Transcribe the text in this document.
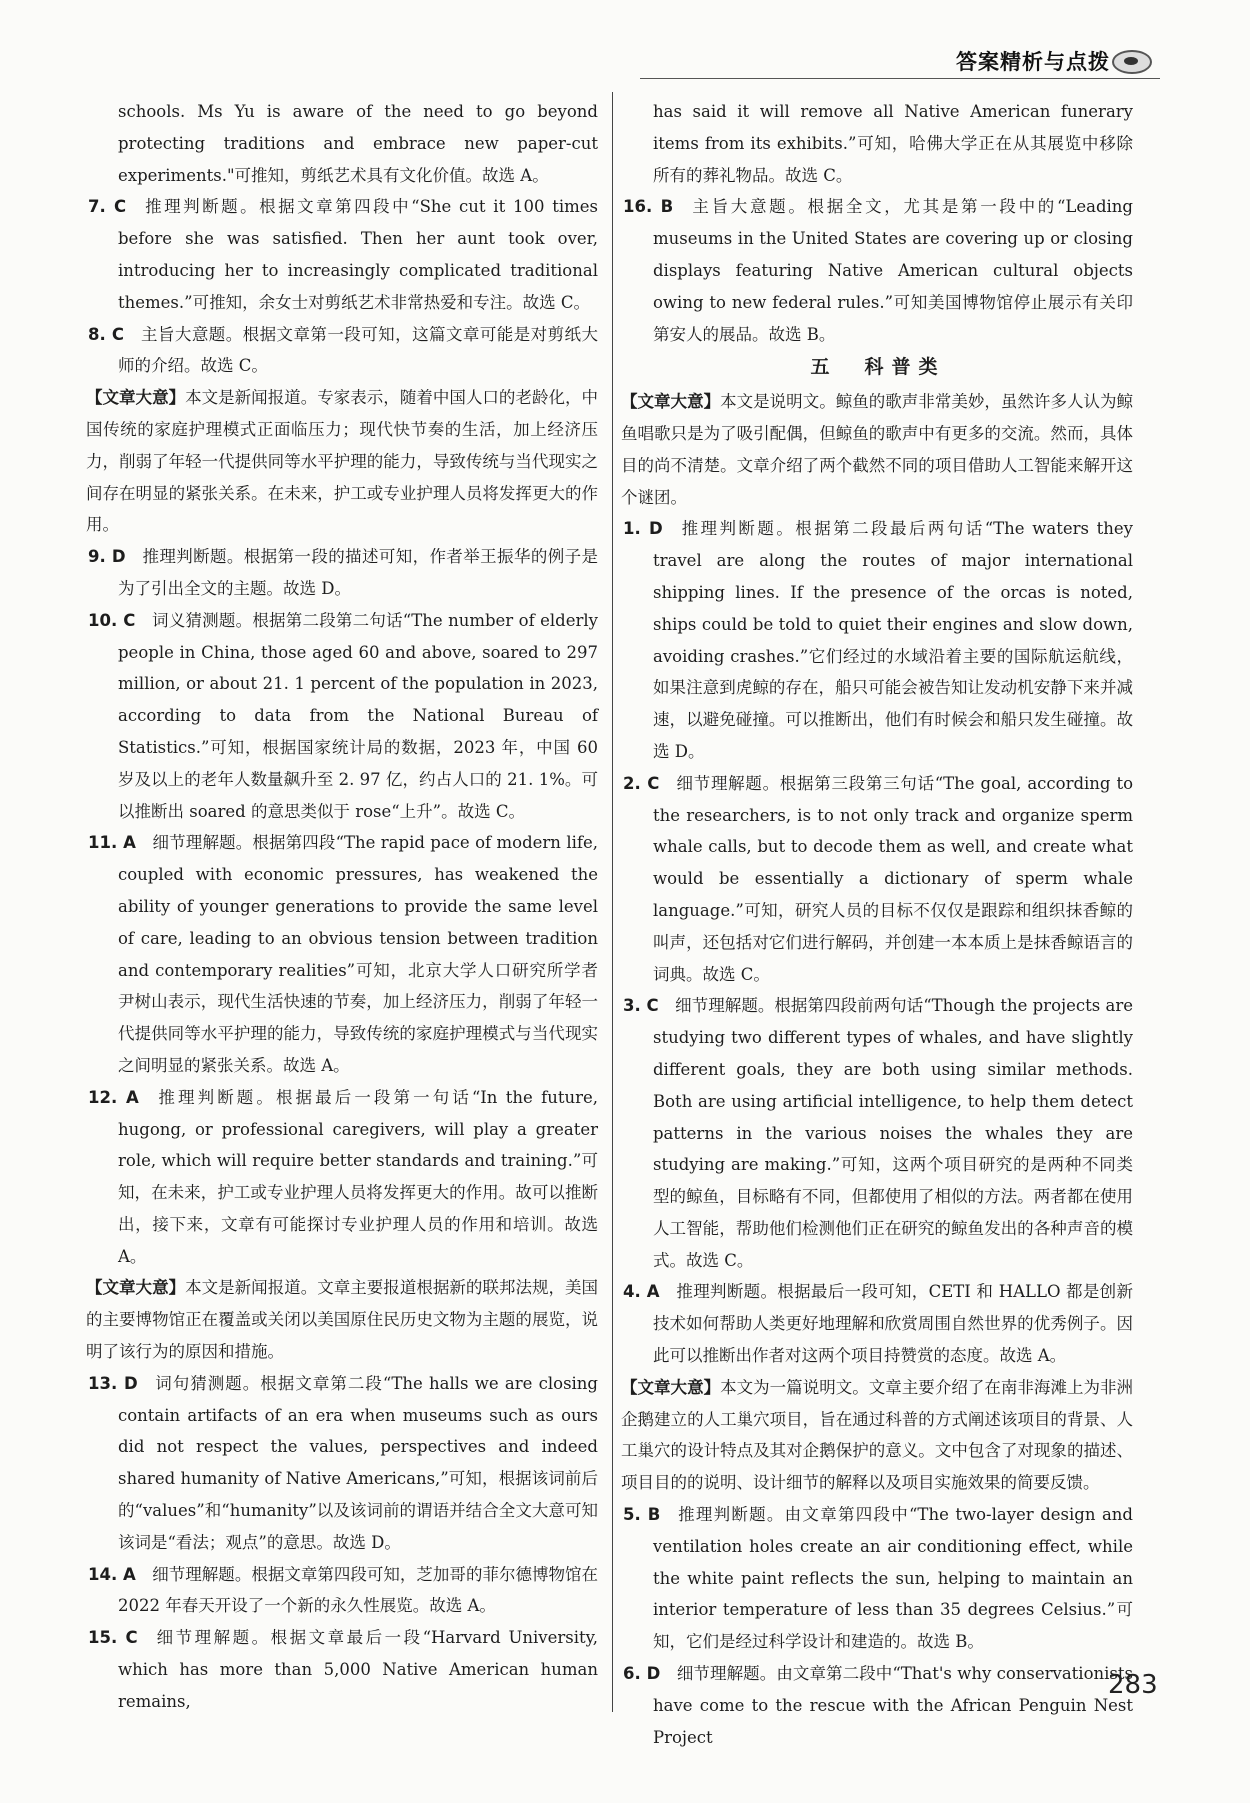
答案精析与点拨

schools. Ms Yu is aware of the need to go beyond protecting traditions and embrace new paper-cut experiments."可推知，剪纸艺术具有文化价值。故选 A。

7. C  推理判断题。根据文章第四段中“She cut it 100 times before she was satisfied. Then her aunt took over, introducing her to increasingly complicated traditional themes.”可推知，余女士对剪纸艺术非常热爱和专注。故选 C。

8. C  主旨大意题。根据文章第一段可知，这篇文章可能是对剪纸大师的介绍。故选 C。

【文章大意】本文是新闻报道。专家表示，随着中国人口的老龄化，中国传统的家庭护理模式正面临压力；现代快节奏的生活，加上经济压力，削弱了年轻一代提供同等水平护理的能力，导致传统与当代现实之间存在明显的紧张关系。在未来，护工或专业护理人员将发挥更大的作用。

9. D  推理判断题。根据第一段的描述可知，作者举王振华的例子是为了引出全文的主题。故选 D。

10. C  词义猜测题。根据第二段第二句话“The number of elderly people in China, those aged 60 and above, soared to 297 million, or about 21. 1 percent of the population in 2023, according to data from the National Bureau of Statistics.”可知，根据国家统计局的数据，2023 年，中国 60 岁及以上的老年人数量飙升至 2. 97 亿，约占人口的 21. 1%。可以推断出 soared 的意思类似于 rose“上升”。故选 C。

11. A  细节理解题。根据第四段“The rapid pace of modern life, coupled with economic pressures, has weakened the ability of younger generations to provide the same level of care, leading to an obvious tension between tradition and contemporary realities”可知，北京大学人口研究所学者尹树山表示，现代生活快速的节奏，加上经济压力，削弱了年轻一代提供同等水平护理的能力，导致传统的家庭护理模式与当代现实之间明显的紧张关系。故选 A。

12. A  推理判断题。根据最后一段第一句话“In the future, hugong, or professional caregivers, will play a greater role, which will require better standards and training.”可知，在未来，护工或专业护理人员将发挥更大的作用。故可以推断出，接下来，文章有可能探讨专业护理人员的作用和培训。故选 A。

【文章大意】本文是新闻报道。文章主要报道根据新的联邦法规，美国的主要博物馆正在覆盖或关闭以美国原住民历史文物为主题的展览，说明了该行为的原因和措施。

13. D  词句猜测题。根据文章第二段“The halls we are closing contain artifacts of an era when museums such as ours did not respect the values, perspectives and indeed shared humanity of Native Americans,”可知，根据该词前后的“values”和“humanity”以及该词前的谓语并结合全文大意可知该词是“看法；观点”的意思。故选 D。

14. A  细节理解题。根据文章第四段可知，芝加哥的菲尔德博物馆在 2022 年春天开设了一个新的永久性展览。故选 A。

15. C  细节理解题。根据文章最后一段“Harvard University, which has more than 5,000 Native American human remains,

has said it will remove all Native American funerary items from its exhibits.”可知，哈佛大学正在从其展览中移除所有的葬礼物品。故选 C。

16. B  主旨大意题。根据全文，尤其是第一段中的“Leading museums in the United States are covering up or closing displays featuring Native American cultural objects owing to new federal rules.”可知美国博物馆停止展示有关印第安人的展品。故选 B。

五　科普类

【文章大意】本文是说明文。鲸鱼的歌声非常美妙，虽然许多人认为鲸鱼唱歌只是为了吸引配偶，但鲸鱼的歌声中有更多的交流。然而，具体目的尚不清楚。文章介绍了两个截然不同的项目借助人工智能来解开这个谜团。

1. D  推理判断题。根据第二段最后两句话“The waters they travel are along the routes of major international shipping lines. If the presence of the orcas is noted, ships could be told to quiet their engines and slow down, avoiding crashes.”它们经过的水域沿着主要的国际航运航线，如果注意到虎鲸的存在，船只可能会被告知让发动机安静下来并减速，以避免碰撞。可以推断出，他们有时候会和船只发生碰撞。故选 D。

2. C  细节理解题。根据第三段第三句话“The goal, according to the researchers, is to not only track and organize sperm whale calls, but to decode them as well, and create what would be essentially a dictionary of sperm whale language.”可知，研究人员的目标不仅仅是跟踪和组织抹香鲸的叫声，还包括对它们进行解码，并创建一本本质上是抹香鲸语言的词典。故选 C。

3. C  细节理解题。根据第四段前两句话“Though the projects are studying two different types of whales, and have slightly different goals, they are both using similar methods. Both are using artificial intelligence, to help them detect patterns in the various noises the whales they are studying are making.”可知，这两个项目研究的是两种不同类型的鲸鱼，目标略有不同，但都使用了相似的方法。两者都在使用人工智能，帮助他们检测他们正在研究的鲸鱼发出的各种声音的模式。故选 C。

4. A  推理判断题。根据最后一段可知，CETI 和 HALLO 都是创新技术如何帮助人类更好地理解和欣赏周围自然世界的优秀例子。因此可以推断出作者对这两个项目持赞赏的态度。故选 A。

【文章大意】本文为一篇说明文。文章主要介绍了在南非海滩上为非洲企鹅建立的人工巢穴项目，旨在通过科普的方式阐述该项目的背景、人工巢穴的设计特点及其对企鹅保护的意义。文中包含了对现象的描述、项目目的的说明、设计细节的解释以及项目实施效果的简要反馈。

5. B  推理判断题。由文章第四段中“The two-layer design and ventilation holes create an air conditioning effect, while the white paint reflects the sun, helping to maintain an interior temperature of less than 35 degrees Celsius.”可知，它们是经过科学设计和建造的。故选 B。

6. D  细节理解题。由文章第二段中“That's why conservationists have come to the rescue with the African Penguin Nest Project

283
